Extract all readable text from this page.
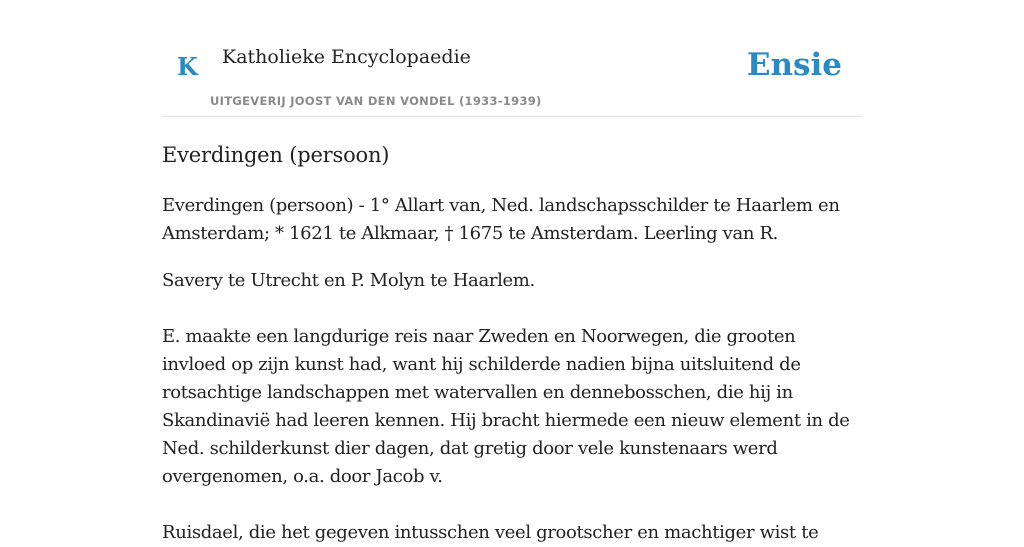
K Katholieke Encyclopaedie
UITGEVERIJ JOOST VAN DEN VONDEL (1933-1939)
Ensie
Everdingen (persoon)

Everdingen (persoon) - 1° Allart van, Ned. landschapsschilder te Haarlem en Amsterdam; * 1621 te Alkmaar, † 1675 te Amsterdam. Leerling van R.

Savery te Utrecht en P. Molyn te Haarlem.

E. maakte een langdurige reis naar Zweden en Noorwegen, die grooten invloed op zijn kunst had, want hij schilderde nadien bijna uitsluitend de rotsachtige landschappen met watervallen en dennebosschen, die hij in Skandinavië had leeren kennen. Hij bracht hiermede een nieuw element in de Ned. schilderkunst dier dagen, dat gretig door vele kunstenaars werd overgenomen, o.a. door Jacob v.

Ruisdael, die het gegeven intusschen veel grootscher en machtiger wist te
